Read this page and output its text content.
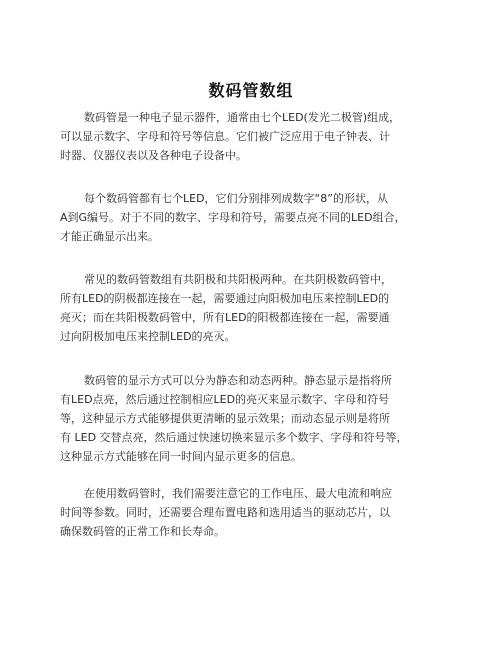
数码管数组
数码管是一种电子显示器件，通常由七个LED(发光二极管)组成，
可以显示数字、字母和符号等信息。它们被广泛应用于电子钟表、计
时器、仪器仪表以及各种电子设备中。
每个数码管都有七个LED，它们分别排列成数字“8”的形状，从
A到G编号。对于不同的数字、字母和符号，需要点亮不同的LED组合，
才能正确显示出来。
常见的数码管数组有共阴极和共阳极两种。在共阴极数码管中，
所有LED的阴极都连接在一起，需要通过向阳极加电压来控制LED的
亮灭；而在共阳极数码管中，所有LED的阳极都连接在一起，需要通
过向阴极加电压来控制LED的亮灭。
数码管的显示方式可以分为静态和动态两种。静态显示是指将所
有LED点亮，然后通过控制相应LED的亮灭来显示数字、字母和符号
等，这种显示方式能够提供更清晰的显示效果；而动态显示则是将所
有 LED 交替点亮，然后通过快速切换来显示多个数字、字母和符号等，
这种显示方式能够在同一时间内显示更多的信息。
在使用数码管时，我们需要注意它的工作电压、最大电流和响应
时间等参数。同时，还需要合理布置电路和选用适当的驱动芯片，以
确保数码管的正常工作和长寿命。
